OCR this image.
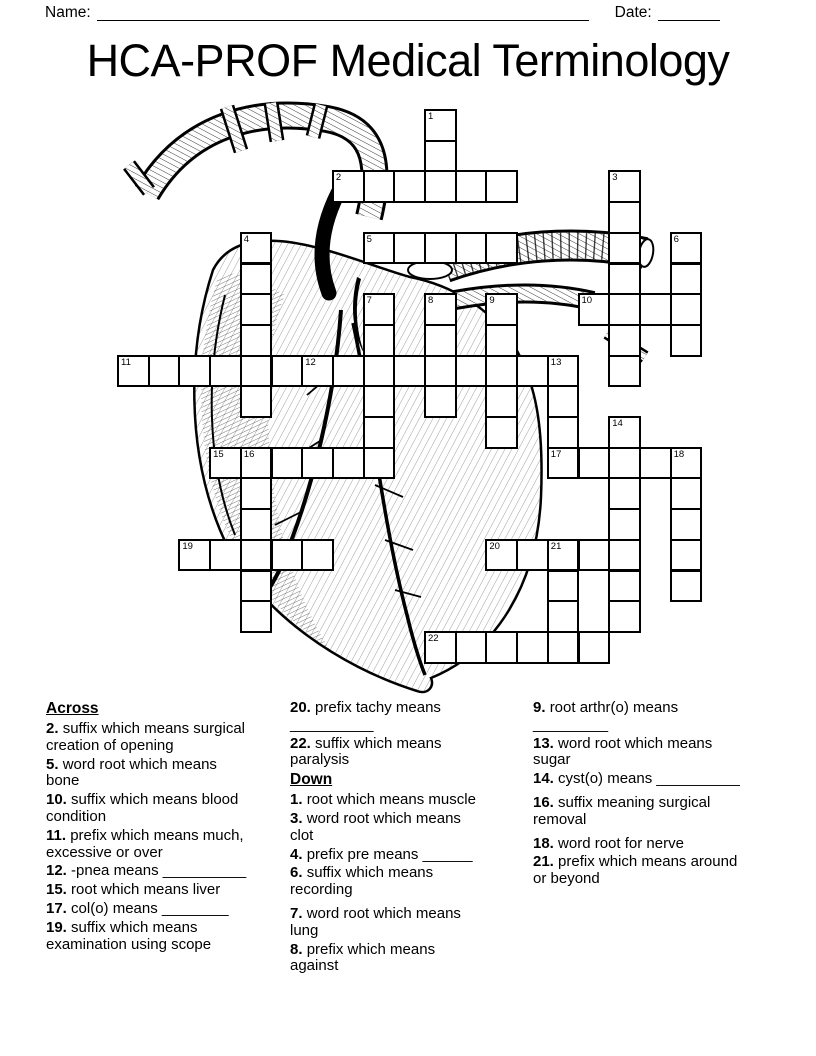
Name:	Date:
HCA-PROF Medical Terminology
1
2	3
4	5	6
7	8	9	10
11	12	13
17
14
15 16	18
19	20	21
22
Across
2. suffix which means surgical creation of opening
5. word root which means bone
10. suffix which means blood condition
11. prefix which means much, excessive or over
12. -pnea means __________
15. root which means liver
17. col(o) means ________
19. suffix which means examination using scope
20. prefix tachy means __________
22. suffix which means paralysis
Down
1. root which means muscle
3. word root which means clot
4. prefix pre means ______
6. suffix which means recording
7. word root which means lung
8. prefix which means against
9. root arthr(o) means _________
13. word root which means sugar
14. cyst(o) means __________
16. suffix meaning surgical removal
18. word root for nerve
21. prefix which means around or beyond
